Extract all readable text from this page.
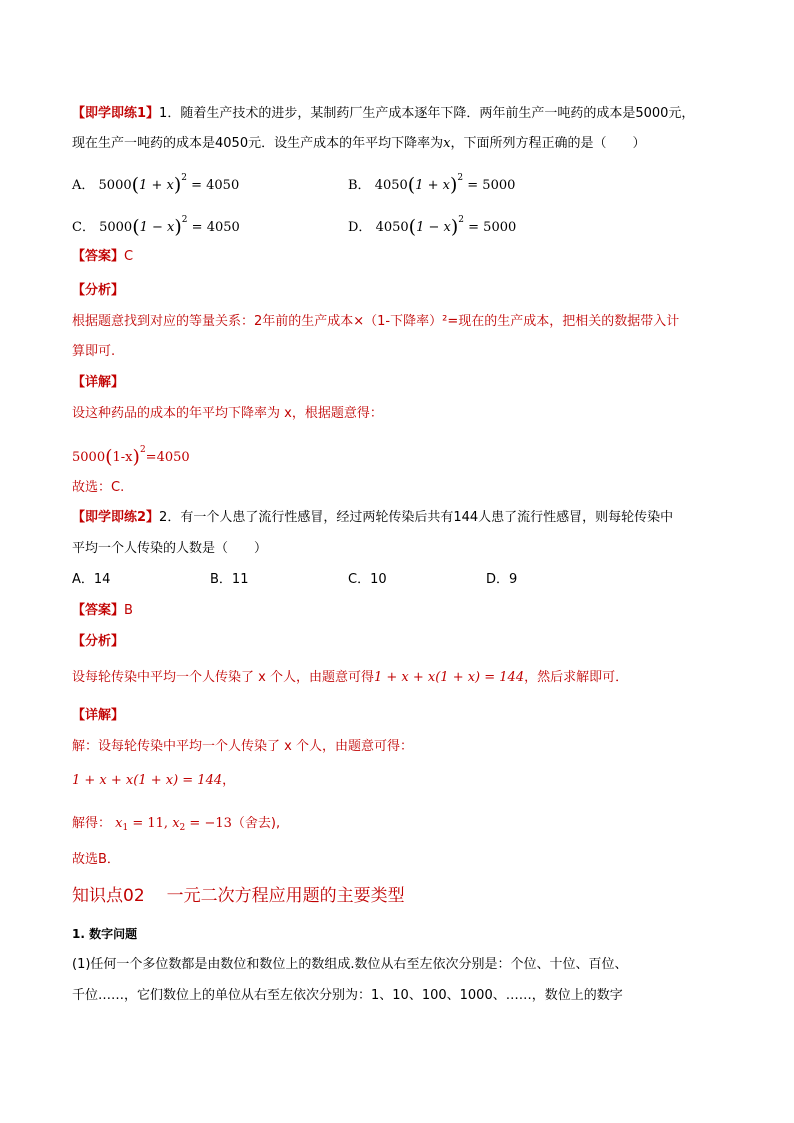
【即学即练1】1．随着生产技术的进步，某制药厂生产成本逐年下降．两年前生产一吨药的成本是5000元，
现在生产一吨药的成本是4050元．设生产成本的年平均下降率为x，下面所列方程正确的是（　　）
A． $5000(1 + x)^2 = 4050$	B． $4050(1 + x)^2 = 5000$
C． $5000(1 - x)^2 = 4050$	D． $4050(1 - x)^2 = 5000$
【答案】C
【分析】
根据题意找到对应的等量关系：2年前的生产成本×（1-下降率）²=现在的生产成本，把相关的数据带入计
算即可.
【详解】
设这种药品的成本的年平均下降率为 x，根据题意得：
$5000(1-x)^2=4050$
故选：C.
【即学即练2】2．有一个人患了流行性感冒，经过两轮传染后共有144人患了流行性感冒，则每轮传染中
平均一个人传染的人数是（　　）
A．14	B．11	C．10	D．9
【答案】B
【分析】
设每轮传染中平均一个人传染了 x 个人，由题意可得1 + x + x(1 + x) = 144，然后求解即可．
【详解】
解：设每轮传染中平均一个人传染了 x 个人，由题意可得：
1 + x + x(1 + x) = 144，
解得： $x_1 = 11$, $x_2 = -13$（舍去),
故选B．
知识点02 一元二次方程应用题的主要类型
1. 数字问题
(1)任何一个多位数都是由数位和数位上的数组成.数位从右至左依次分别是：个位、十位、百位、
千位……，它们数位上的单位从右至左依次分别为：1、10、100、1000、……，数位上的数字
